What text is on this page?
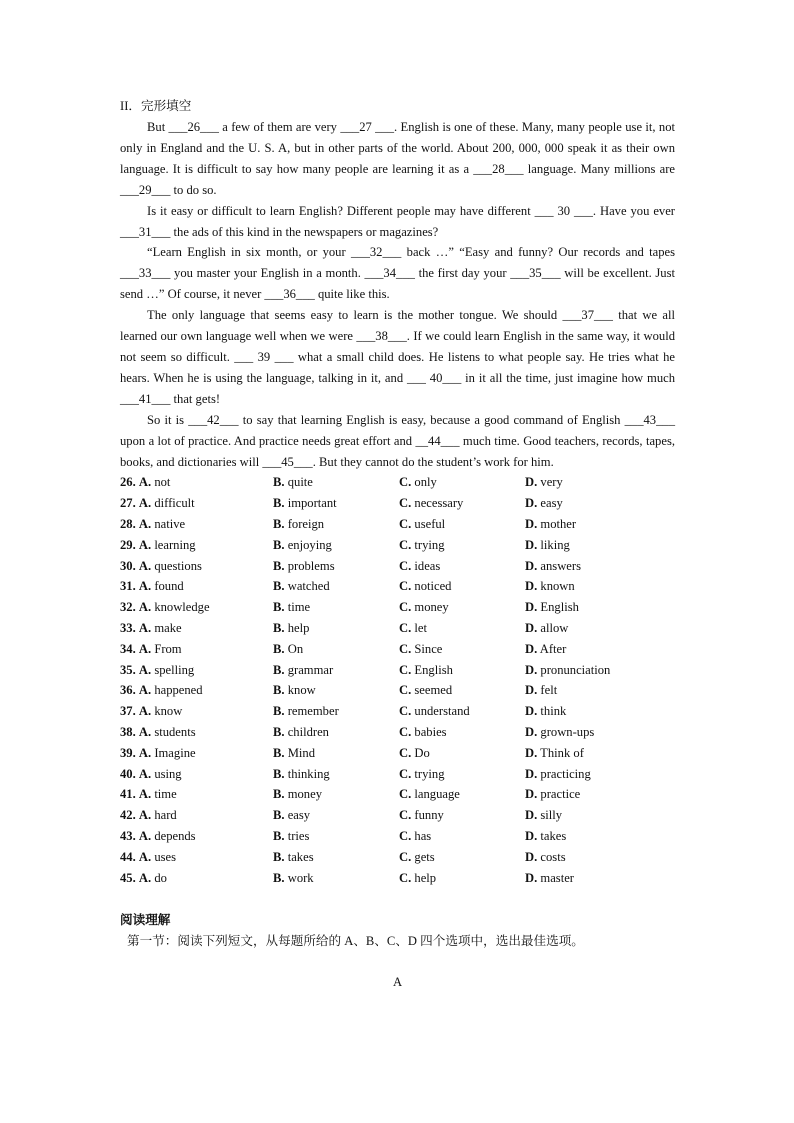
II．完形填空

But ___26___ a few of them are very ___27 ___. English is one of these. Many, many people use it, not only in England and the U. S. A, but in other parts of the world. About 200, 000, 000 speak it as their own language. It is difficult to say how many people are learning it as a ___28___ language. Many millions are ___29___ to do so.

Is it easy or difficult to learn English? Different people may have different ___ 30 ___. Have you ever ___31___ the ads of this kind in the newspapers or magazines?

“Learn English in six month, or your ___32___ back …” “Easy and funny? Our records and tapes ___33___ you master your English in a month. ___34___ the first day your ___35___ will be excellent. Just send …” Of course, it never ___36___ quite like this.

The only language that seems easy to learn is the mother tongue. We should ___37___ that we all learned our own language well when we were ___38___. If we could learn English in the same way, it would not seem so difficult. ___ 39 ___ what a small child does. He listens to what people say. He tries what he hears. When he is using the language, talking in it, and ___ 40___ in it all the time, just imagine how much ___41___ that gets!

So it is ___42___ to say that learning English is easy, because a good command of English ___43___ upon a lot of practice. And practice needs great effort and __44___ much time. Good teachers, records, tapes, books, and dictionaries will ___45___. But they cannot do the student’s work for him.

26. A. not	B. quite	C. only	D. very
27. A. difficult	B. important	C. necessary	D. easy
28. A. native	B. foreign	C. useful	D. mother
29. A. learning	B. enjoying	C. trying	D. liking
30. A. questions	B. problems	C. ideas	D. answers
31. A. found	B. watched	C. noticed	D. known
32. A. knowledge	B. time	C. money	D. English
33. A. make	B. help	C. let	D. allow
34. A. From	B. On	C. Since	D. After
35. A. spelling	B. grammar	C. English	D. pronunciation
36. A. happened	B. know	C. seemed	D. felt
37. A. know	B. remember	C. understand	D. think
38. A. students	B. children	C. babies	D. grown-ups
39. A. Imagine	B. Mind	C. Do	D. Think of
40. A. using	B. thinking	C. trying	D. practicing
41. A. time	B. money	C. language	D. practice
42. A. hard	B. easy	C. funny	D. silly
43. A. depends	B. tries	C. has	D. takes
44. A. uses	B. takes	C. gets	D. costs
45. A. do	B. work	C. help	D. master
阅读理解
第一节：阅读下列短文，从每题所给的 A、B、C、D 四个选项中，选出最佳选项。
A
